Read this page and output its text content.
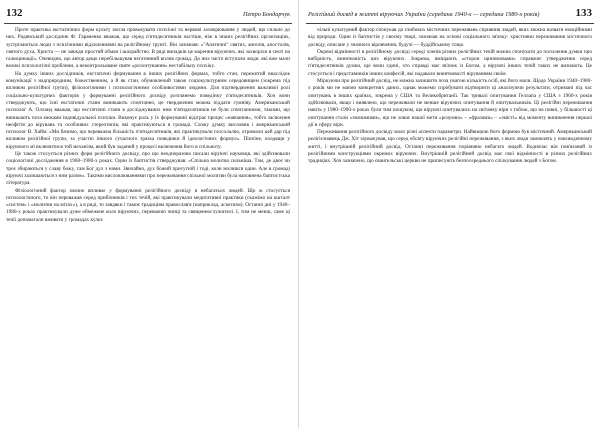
132	Петро Бондарчук

Проте практика екстатичних форм культу могла провокувати психічні та нервові захворювання у людей, що сильно до них. Радянський дослідник Ф. Гараненко вважав, що серед п'ятидесятників частіше, ніж в інших релігійних організаціях, зустрічаються люди з психічними відхиленнями на релігійному ґрунті. Він зазначав: «"Апатичні" святих, ангелів, апостолів, святого духа, Христа — не завжди простий обман і шахрайство. В ряді випадків це марення віруючих, які захворіли в секті на галюцинації». Очевидно, що автор дещо перебільшував негативний вплив громад. До них часто вступали люди, які вже мали великі психологічні проблеми, а неконтрольоване святе «розхитування» нестабільну психіку.

На думку інших дослідників, екстатичні формування в інших релігійних формах, тобто стан, пережитий внаслідок комунікації з надприродним, божественним, а й як стан, обумовлений також соціокультурним середовищем (зокрема під впливом релігійної групи), фізіологічними і психологічними особливостями людини. Для підтвердження важливої ролі соціально-культурних факторів у формуванні релігійного досвіду розглянемо поведінку п'ятидесятників. Хоч вони стверджують, що їхні екстатичні стани виникають спонтанно, це твердження можна піддати сумніву. Американський психолог А. Олланд вважав, що екстатичні стани в досліджуваних ним п'ятидесятників не були спонтанними, такими, що виникають поза межами індивідуальної психіки. Виконує роль у їх формуванні відіграє процес «навчання», тобто засвоєння неофітів до вірувань та особливих стереотипів, які практикуються в громаді. Схожу думку висловив і американський психолог В. Хайм: «Ми бачимо, що переважна більшість п'ятидесятників, які практикували глосолалію, отримали цей дар під впливом релігійної групи, за участю іншого сучасного зразка поведінки й ідеологічних формул». Піппіне, входящи у віруючого мі включитися той механізм, який був заданий у процесі включення його в спільноту.

Це також стосується різних форм релігійного досвіду, про що неодноразово писали віруючі науковця, які здійснювали соціологічні дослідження в 1960–1980-х роках. Один із баптистів стверджував: «Спільна молитва сильніша. Там, де двоє чи троє збираються у славу божу, там Бог дух з нами. Звичайно, дух божий присутній і тоді, коли молишся один. Але в громаді віруючі залишаються з ним разом». Такими висловлюваннями про переживання спільної молитви була наповнена баптистська література.

Фізіологічний фактор значно впливає у формуванні релігійного досвіду в небагатьох людей. Що ж стосується психологічного, то він переважав серед прибічників і тих течій, які практикували медитативні практики (скажімо на кшталт «систем» і «молитви на мітах»), а в ряді, то завдяки і також традиціям православ'я (наприклад, аскетизм). Останні дні у 1940–1980-х роках практикували дуже обмежене коло віруючих, переважно чинці та священнослужителі. І, тим не менш, саме ці течії допомагали вживати у громадах культ.

Релігійний досвід в житті віруючих України (середина 1940-х — середина 1980-х років)	133

чільні культурний фактор спонукав до глибоких містичних переживань сприяння людей, яких можна назвати емоційними від природи. Один із баптистів у своєму творі, зазначав на основі соціального зв'язку: християни переживання містичного досвіду, описане у значного віровчення, будучі — буддійському тощо.

Окремі відмінності в релігійному досвіді середі членів різних релігійних течій можна спонукати до посилення думки про вибірність, винятковість цих віруючих. Зокрема, вміщають «сторон щиномовами» справжнє утвердження серед п'ятидесятників думки, що вони єдині, хто справді має зв'язок із Богом, а віруючі інших течій таких не визнають. Це стосується і представників інших конфесій, які надавали винятковості віруванням своїм.

Міркуючи про релігійний досвід, не можна залишити поза увагою кількість осіб, які його мали. Щодо України 1940–1980-х років ми не маємо конкретних даних, однак можемо спробувати відтворити ці аналізуючи результати, отримані під час опитувань в інших країнах, зокрема у США та Великобританії. Так тривалі опитування Геллапа у США з 1960-х років здійснювали, якщо і виявлено, що переживали не менше віруючих опитування й опитувальників. Ці релігійні переживання навіть у 1980–1990-х роках були тим пошуком, що віруючі опитувались на світанку віри з тобою, що на повні, у більшості ці опитування стали «значимими», що не ховає нашої мети «розумно» – «фразами» – «змісті» від моменту виникнення першої дії в сферу віри.

Переживання релігійного досвіду мало різні аспекти параметри. Найвищою його формою був містичний. Американський релігієзнавець Дж. Хіт зауважував, що серед обсягу віруючих релігійні переживання, з яких люди замовлять у повсякденному житті, і внутрішній релігійний досвід. Останні переживання порівняно небагато людей. Водночас він пов'язаний із релігійними конструкціями окремих віруючих. Внутрішній релігійний досвід має свої відмінності в різних релігійних традиціях. Хоч зазначено, що євангельські церкви не приписують безпосереднього спілкування людей з Богом.
